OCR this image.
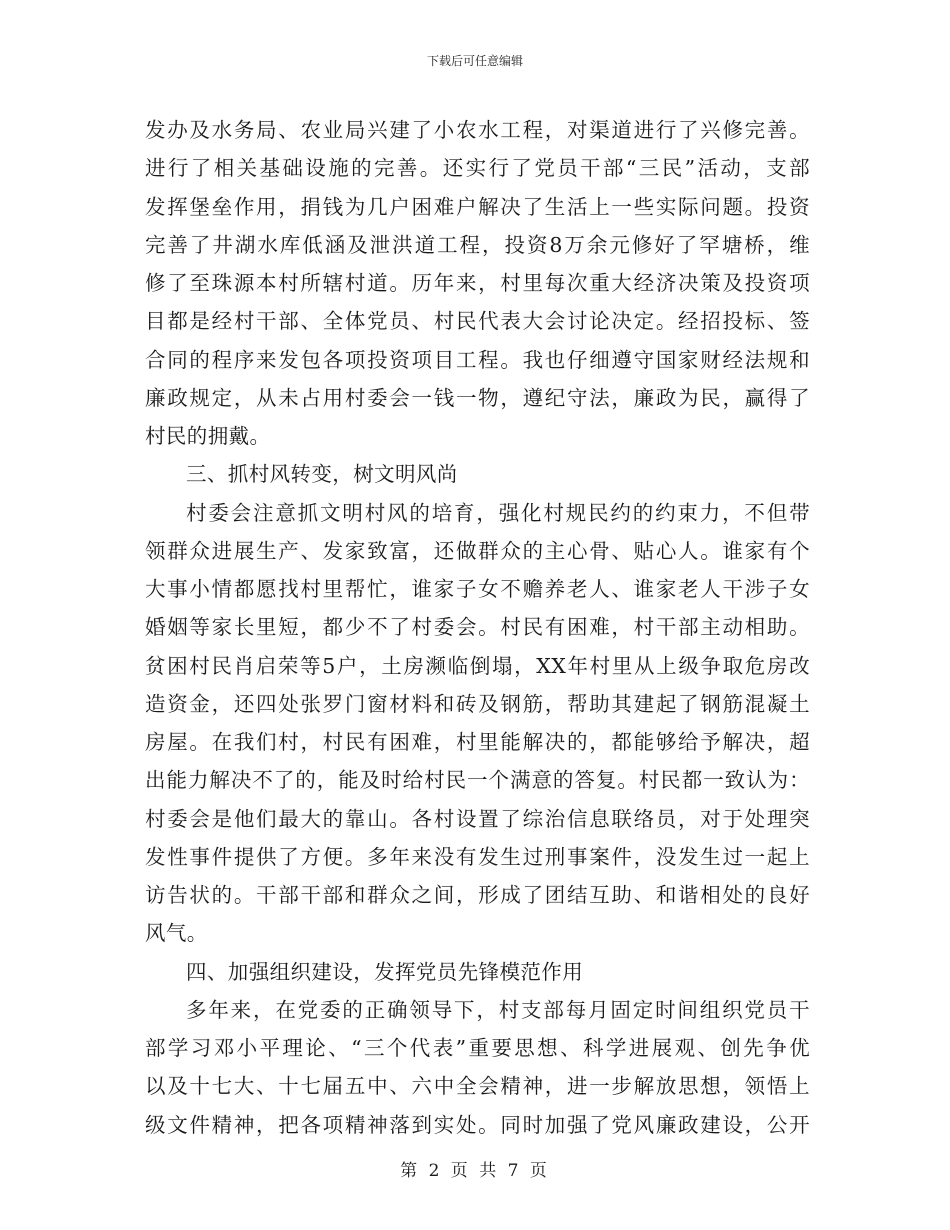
下载后可任意编辑
发办及水务局、农业局兴建了小农水工程，对渠道进行了兴修完善。
进行了相关基础设施的完善。还实行了党员干部“三民”活动，支部
发挥堡垒作用，捐钱为几户困难户解决了生活上一些实际问题。投资
完善了井湖水库低涵及泄洪道工程，投资8万余元修好了罕塘桥，维
修了至珠源本村所辖村道。历年来，村里每次重大经济决策及投资项
目都是经村干部、全体党员、村民代表大会讨论决定。经招投标、签
合同的程序来发包各项投资项目工程。我也仔细遵守国家财经法规和
廉政规定，从未占用村委会一钱一物，遵纪守法，廉政为民，赢得了
村民的拥戴。
三、抓村风转变，树文明风尚
村委会注意抓文明村风的培育，强化村规民约的约束力，不但带
领群众进展生产、发家致富，还做群众的主心骨、贴心人。谁家有个
大事小情都愿找村里帮忙，谁家子女不赡养老人、谁家老人干涉子女
婚姻等家长里短，都少不了村委会。村民有困难，村干部主动相助。
贫困村民肖启荣等5户，土房濒临倒塌，XX年村里从上级争取危房改
造资金，还四处张罗门窗材料和砖及钢筋，帮助其建起了钢筋混凝土
房屋。在我们村，村民有困难，村里能解决的，都能够给予解决，超
出能力解决不了的，能及时给村民一个满意的答复。村民都一致认为：
村委会是他们最大的靠山。各村设置了综治信息联络员，对于处理突
发性事件提供了方便。多年来没有发生过刑事案件，没发生过一起上
访告状的。干部干部和群众之间，形成了团结互助、和谐相处的良好
风气。
四、加强组织建设，发挥党员先锋模范作用
多年来，在党委的正确领导下，村支部每月固定时间组织党员干
部学习邓小平理论、“三个代表”重要思想、科学进展观、创先争优
以及十七大、十七届五中、六中全会精神，进一步解放思想，领悟上
级文件精神，把各项精神落到实处。同时加强了党风廉政建设，公开
第 2 页 共 7 页
